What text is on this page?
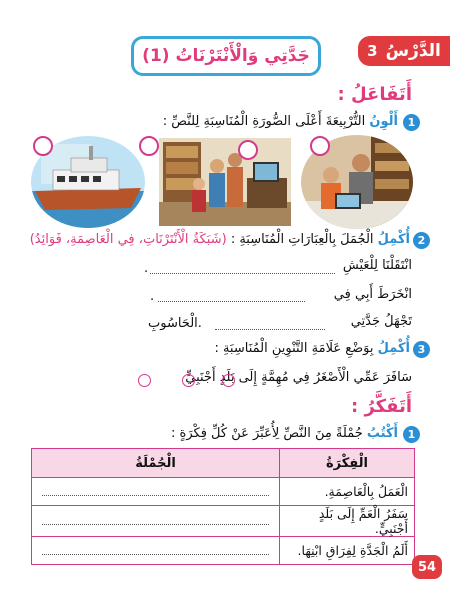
3 الدَّرْسُ
جَدَّتِي وَالْأَنْتَرْنَاتُ (1)
أَتَفَاعَلُ :
1
أَلْوِنُ التُّرْبِيعَةَ أَعْلَى الصُّورَةِ الْمُنَاسِبَةِ لِلنَّصِّ :
2
أُكْمِلُ الْجُمَلَ بِالْعِبَارَاتِ الْمُنَاسِبَةِ : (شَبَكَةُ الْأَنْتَرْنَاتِ، فِي الْعَاصِمَةِ، فَوَائِدُ)
انْتَقَلْنَا لِلْعَيْشِ
.
انْخَرَطَ أَبِي فِي
.
تَجْهَلُ جَدَّتِي
الْحَاسُوبِ.
3
أُكْمِلُ بِوَضْعِ عَلَامَةِ التَّنْوِينِ الْمُنَاسِبَةِ :
سَافَرَ عَمِّي الْأَصْغَرُ فِي مُهِمَّةٍ إِلَى بَلَدٍ أَجْنَبِيٍّ
أَتَفَكَّرُ :
1
أَكْتُبُ جُمْلَةً مِنَ النَّصِّ لِأُعَبِّرَ عَنْ كُلِّ فِكْرَةٍ :
الْفِكْرَةُ	الْجُمْلَةُ
الْعَمَلُ بِالْعَاصِمَةِ.	

سَفَرُ الْعَمِّ إِلَى بَلَدٍ أَجْنَبِيٍّ.	

أَلَمُ الْجَدَّةِ لِفِرَاقِ ابْنِهَا.	
54
